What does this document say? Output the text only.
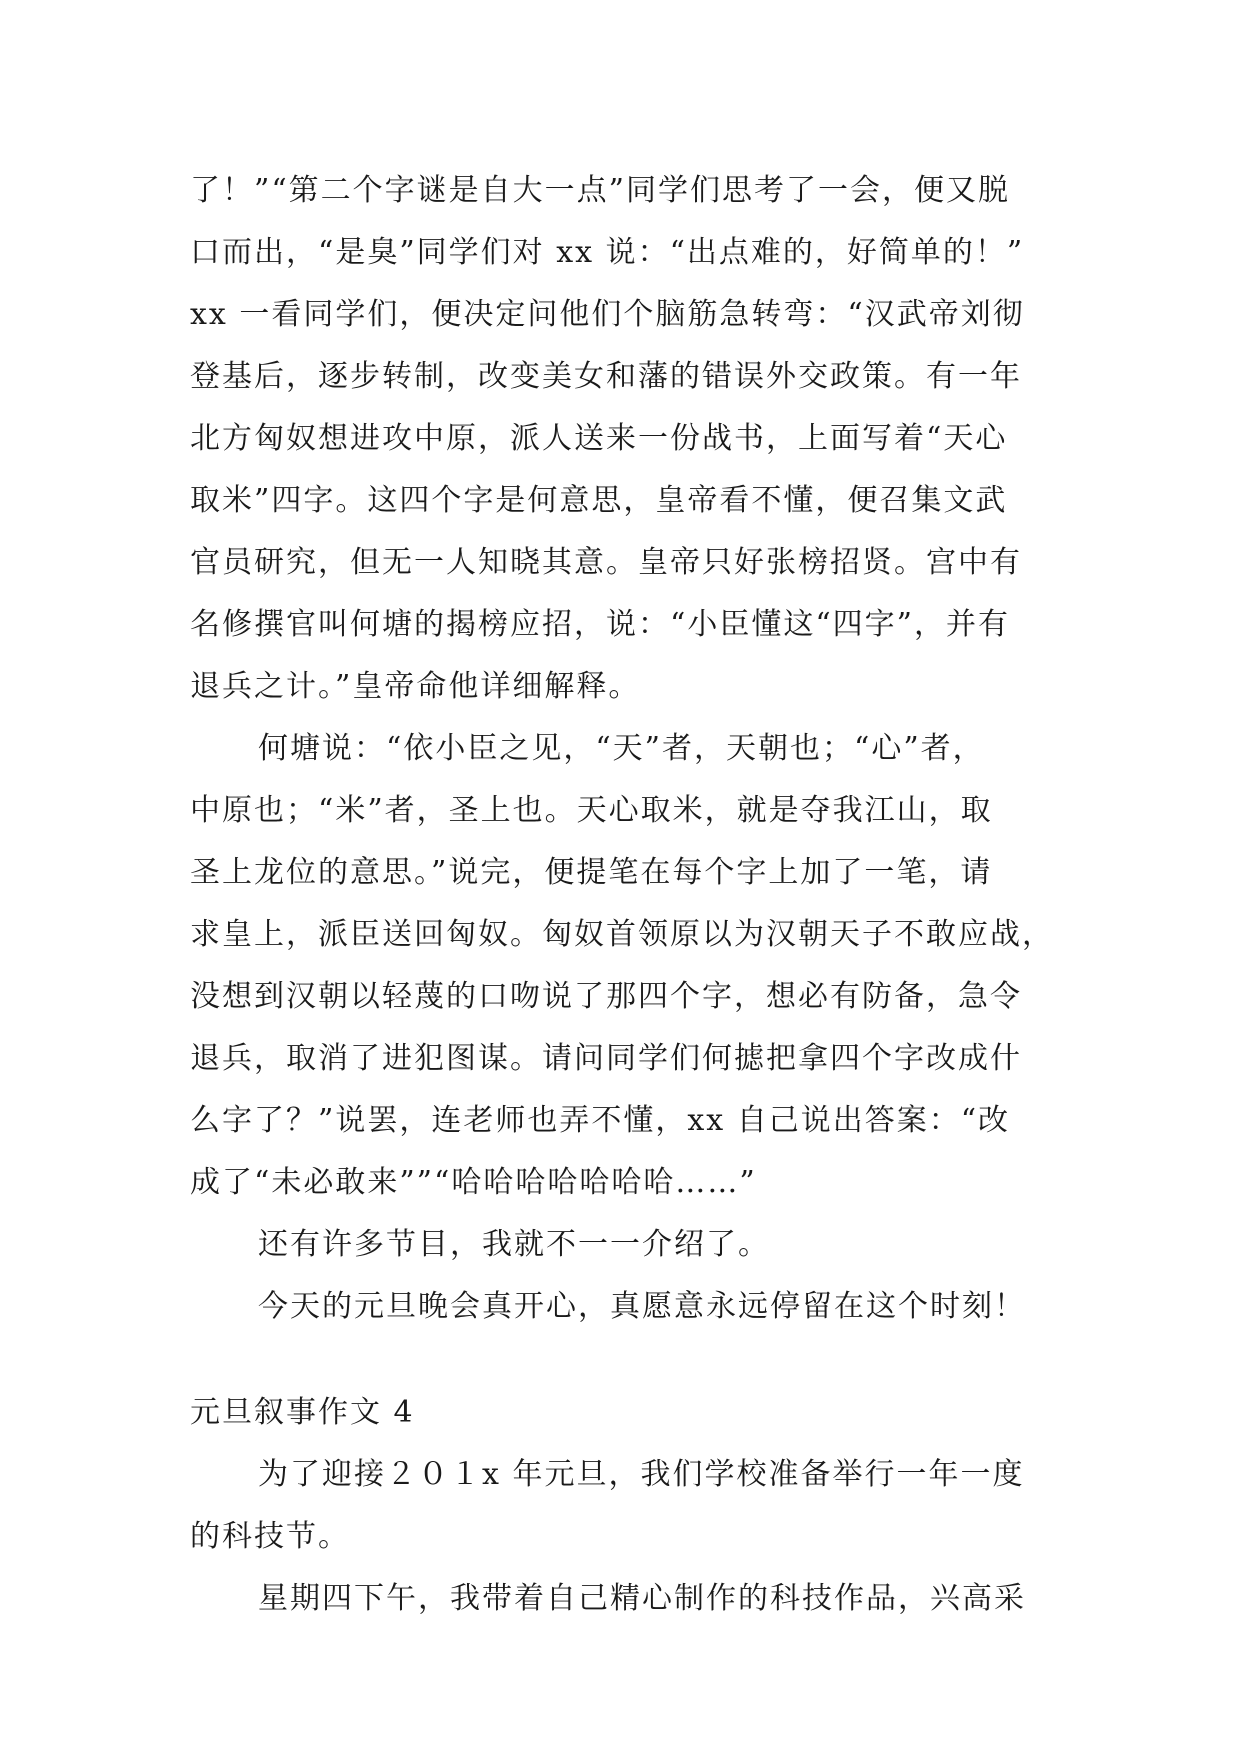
了！”“第二个字谜是自大一点”同学们思考了一会，便又脱
口而出，“是臭”同学们对 xx 说：“出点难的，好简单的！”
xx 一看同学们，便决定问他们个脑筋急转弯：“汉武帝刘彻
登基后，逐步转制，改变美女和藩的错误外交政策。有一年
北方匈奴想进攻中原，派人送来一份战书，上面写着“天心
取米”四字。这四个字是何意思，皇帝看不懂，便召集文武
官员研究，但无一人知晓其意。皇帝只好张榜招贤。宫中有
名修撰官叫何塘的揭榜应招，说：“小臣懂这“四字”，并有
退兵之计。”皇帝命他详细解释。
何塘说：“依小臣之见，“天”者，天朝也；“心”者，
中原也；“米”者，圣上也。天心取米，就是夺我江山，取
圣上龙位的意思。”说完，便提笔在每个字上加了一笔，请
求皇上，派臣送回匈奴。匈奴首领原以为汉朝天子不敢应战，
没想到汉朝以轻蔑的口吻说了那四个字，想必有防备，急令
退兵，取消了进犯图谋。请问同学们何摅把拿四个字改成什
么字了？”说罢，连老师也弄不懂，xx 自己说出答案：“改
成了“未必敢来””“哈哈哈哈哈哈哈……”
还有许多节目，我就不一一介绍了。
今天的元旦晚会真开心，真愿意永远停留在这个时刻！
元旦叙事作文 4
为了迎接２０１x 年元旦，我们学校准备举行一年一度
的科技节。
星期四下午，我带着自己精心制作的科技作品，兴高采
